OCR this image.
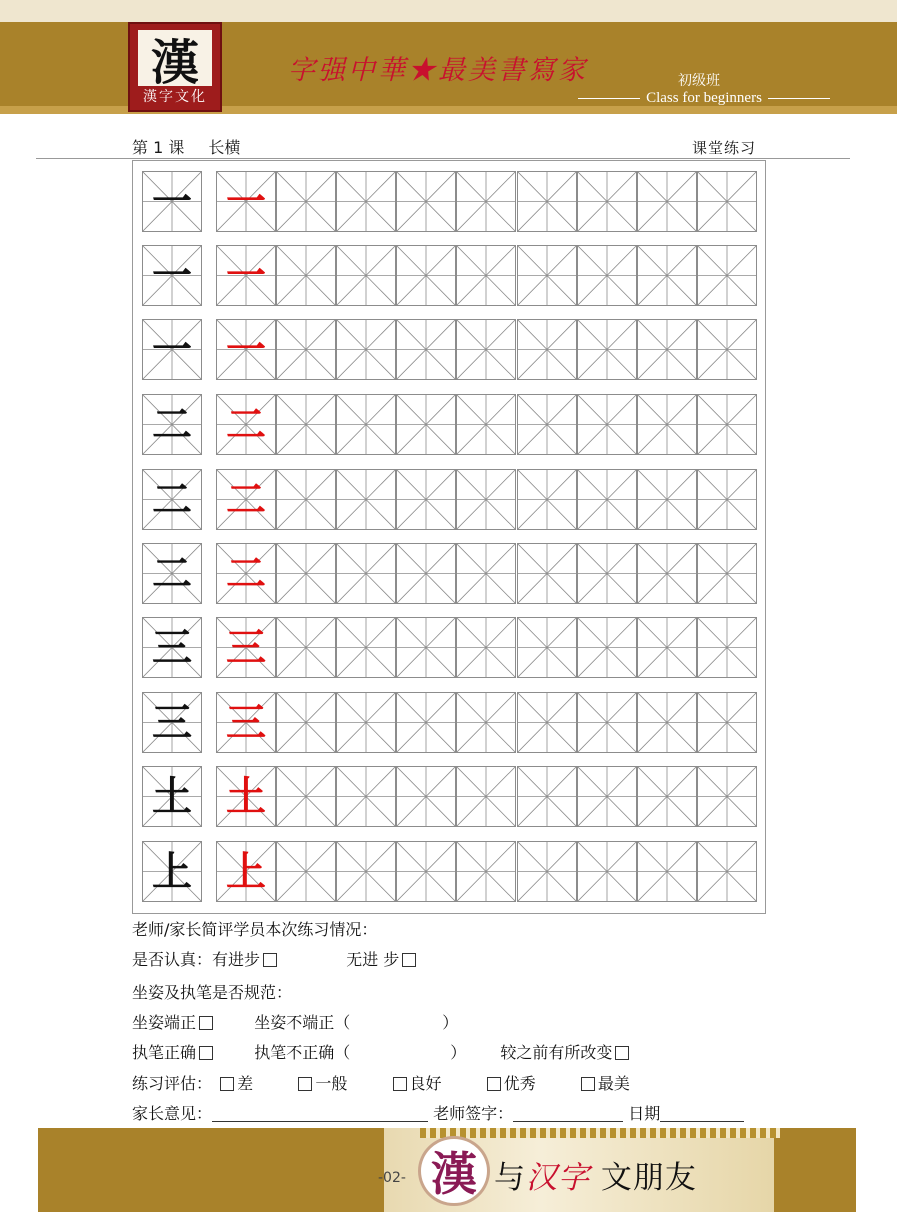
漢
漢字文化
字强中華★最美書寫家	初级班
Class for beginners
第 1 课 长横	课堂练习
一 一
一 一
一 一
二 二
二 二
二 二
三 三
三 三
土 土
上 上
老师/家长简评学员本次练习情况：
是否认真：有进步	无进 步
坐姿及执笔是否规范：
坐姿端正	坐姿不端正（	）
执笔正确	执笔不正确（	） 较之前有所改变
练习评估： 差	一般	良好	优秀	最美
家长意见：	老师签字：	日期
-02- 漢 与汉字 文朋友
